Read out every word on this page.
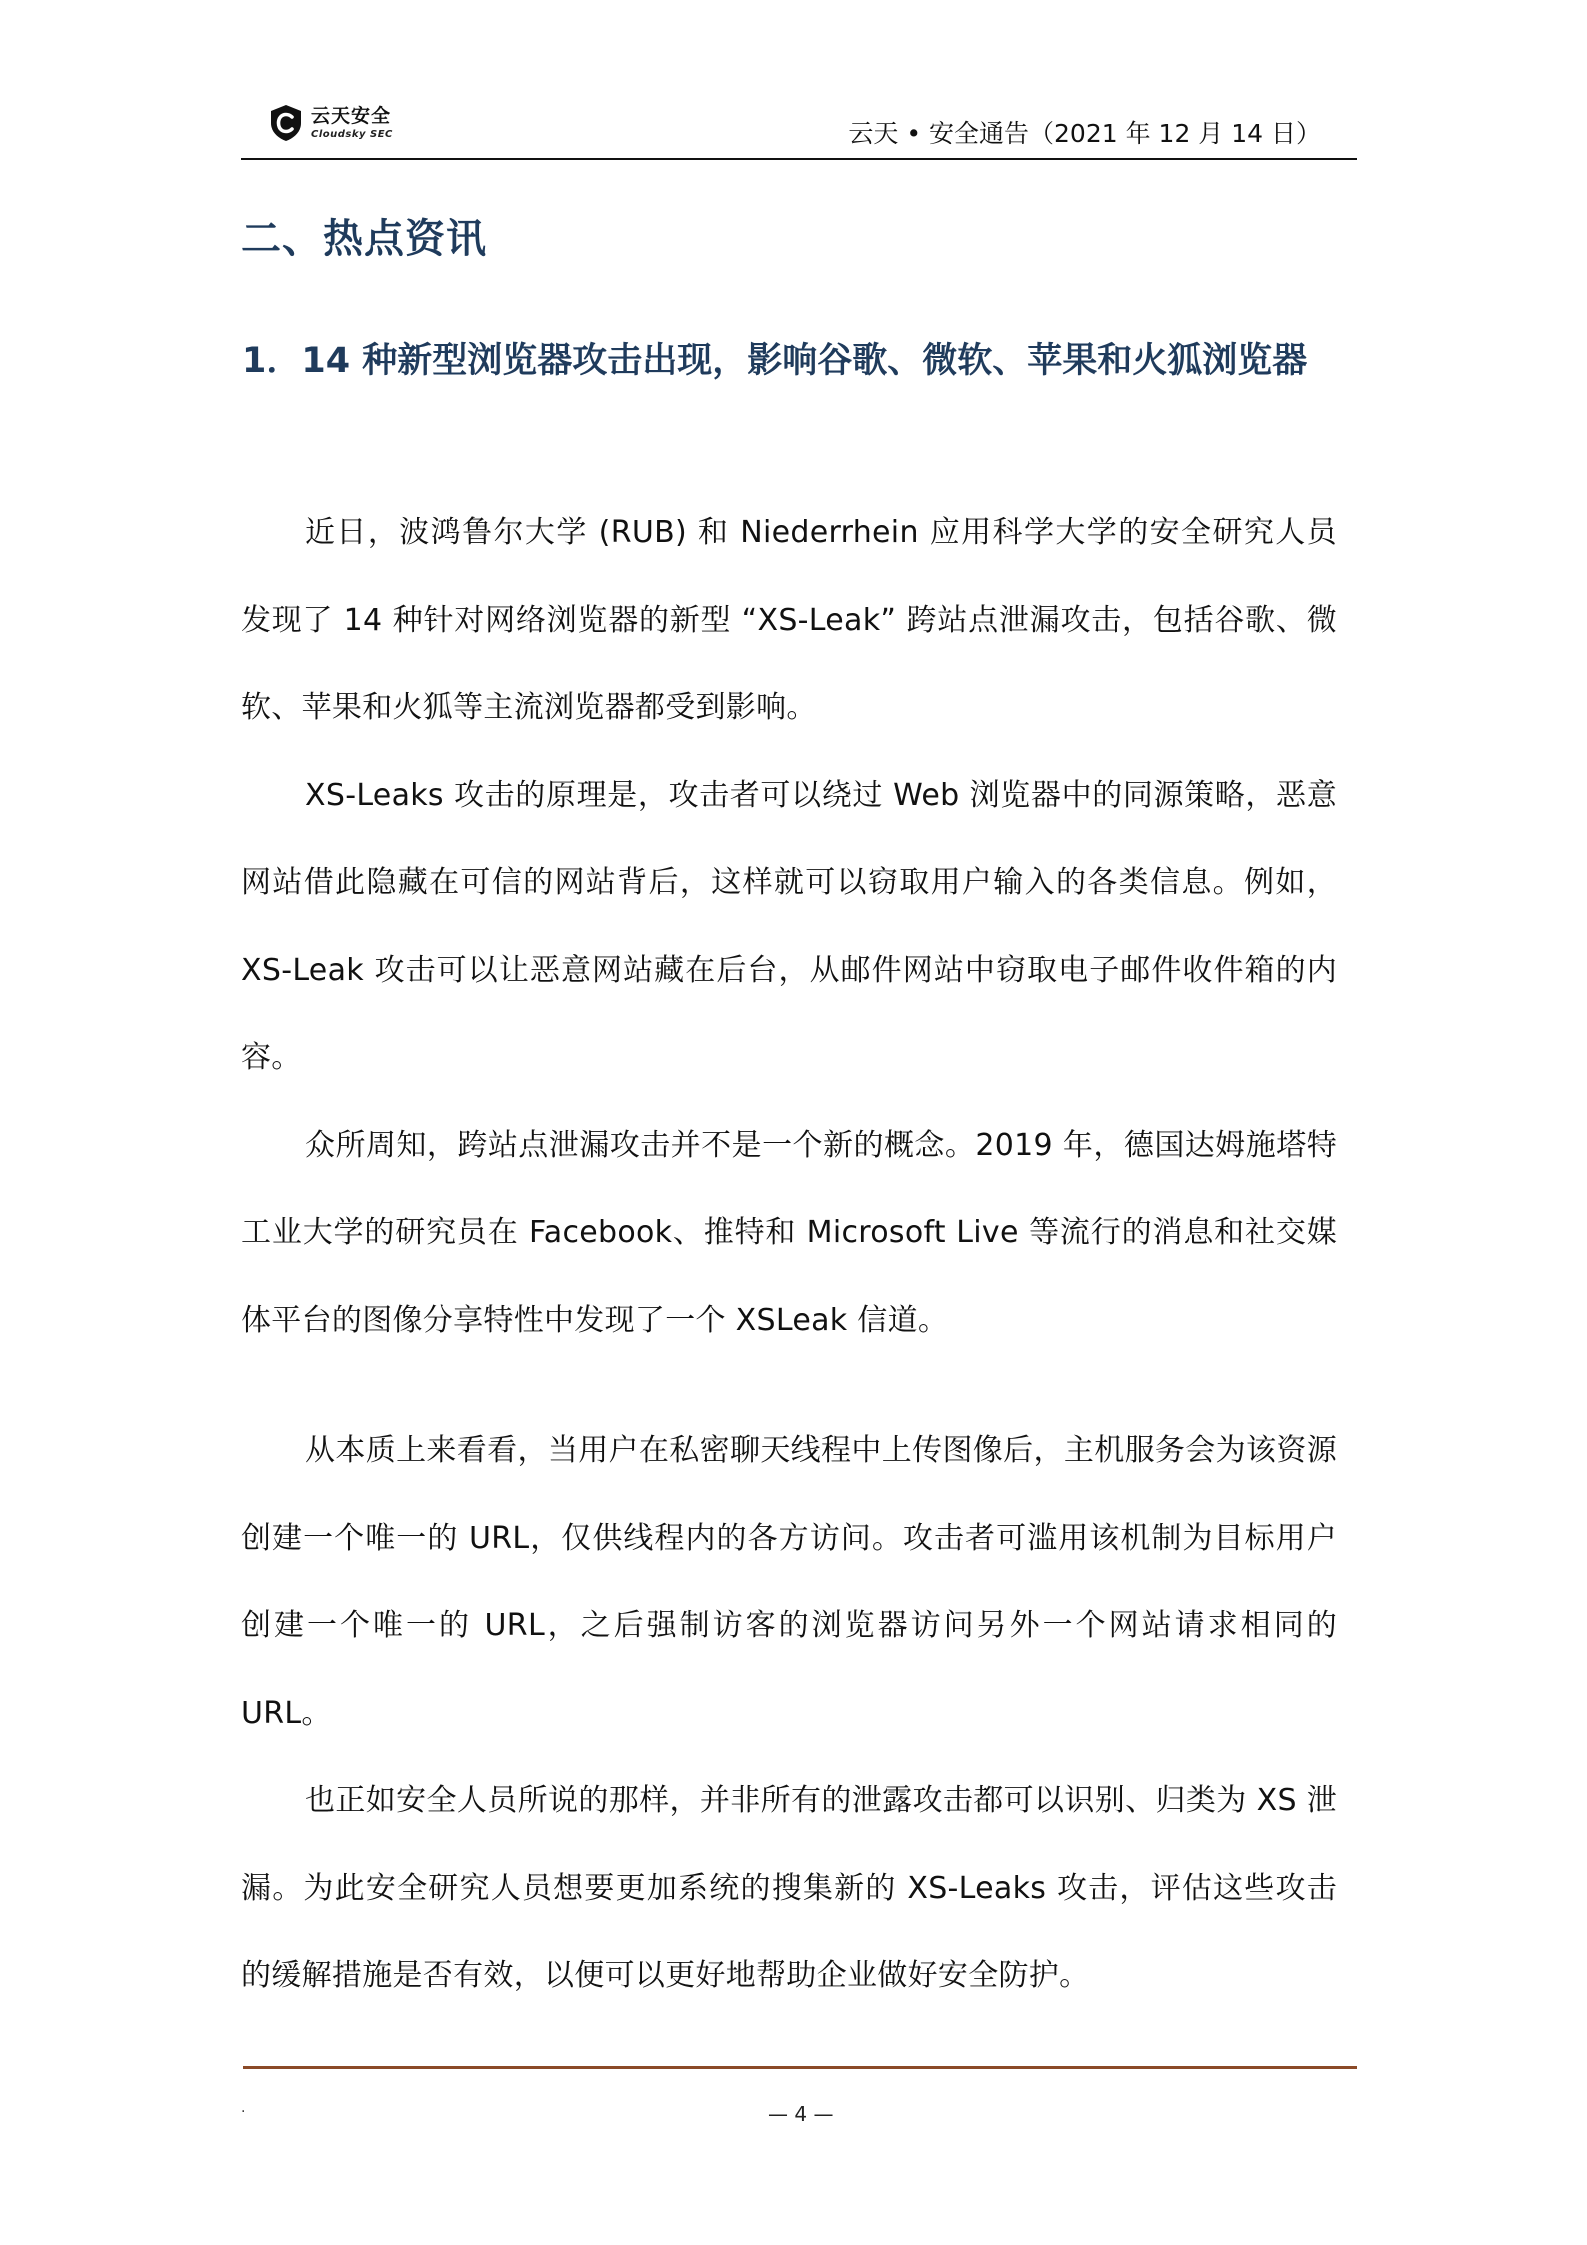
云天安全
Cloudsky SEC	云天 • 安全通告（2021 年 12 月 14 日）
二、热点资讯
1．14 种新型浏览器攻击出现，影响谷歌、微软、苹果和火狐浏览器

近日，波鸿鲁尔大学 (RUB) 和 Niederrhein 应用科学大学的安全研究人员发现了 14 种针对网络浏览器的新型 “XS-Leak” 跨站点泄漏攻击，包括谷歌、微软、苹果和火狐等主流浏览器都受到影响。

XS-Leaks 攻击的原理是，攻击者可以绕过 Web 浏览器中的同源策略，恶意网站借此隐藏在可信的网站背后，这样就可以窃取用户输入的各类信息。例如，XS-Leak 攻击可以让恶意网站藏在后台，从邮件网站中窃取电子邮件收件箱的内容。

众所周知，跨站点泄漏攻击并不是一个新的概念。2019 年，德国达姆施塔特工业大学的研究员在 Facebook、推特和 Microsoft Live 等流行的消息和社交媒体平台的图像分享特性中发现了一个 XSLeak 信道。

从本质上来看看，当用户在私密聊天线程中上传图像后，主机服务会为该资源创建一个唯一的 URL，仅供线程内的各方访问。攻击者可滥用该机制为目标用户创建一个唯一的 URL，之后强制访客的浏览器访问另外一个网站请求相同的 URL。

也正如安全人员所说的那样，并非所有的泄露攻击都可以识别、归类为 XS 泄漏。为此安全研究人员想要更加系统的搜集新的 XS-Leaks 攻击，评估这些攻击的缓解措施是否有效，以便可以更好地帮助企业做好安全防护。

.	— 4 —
